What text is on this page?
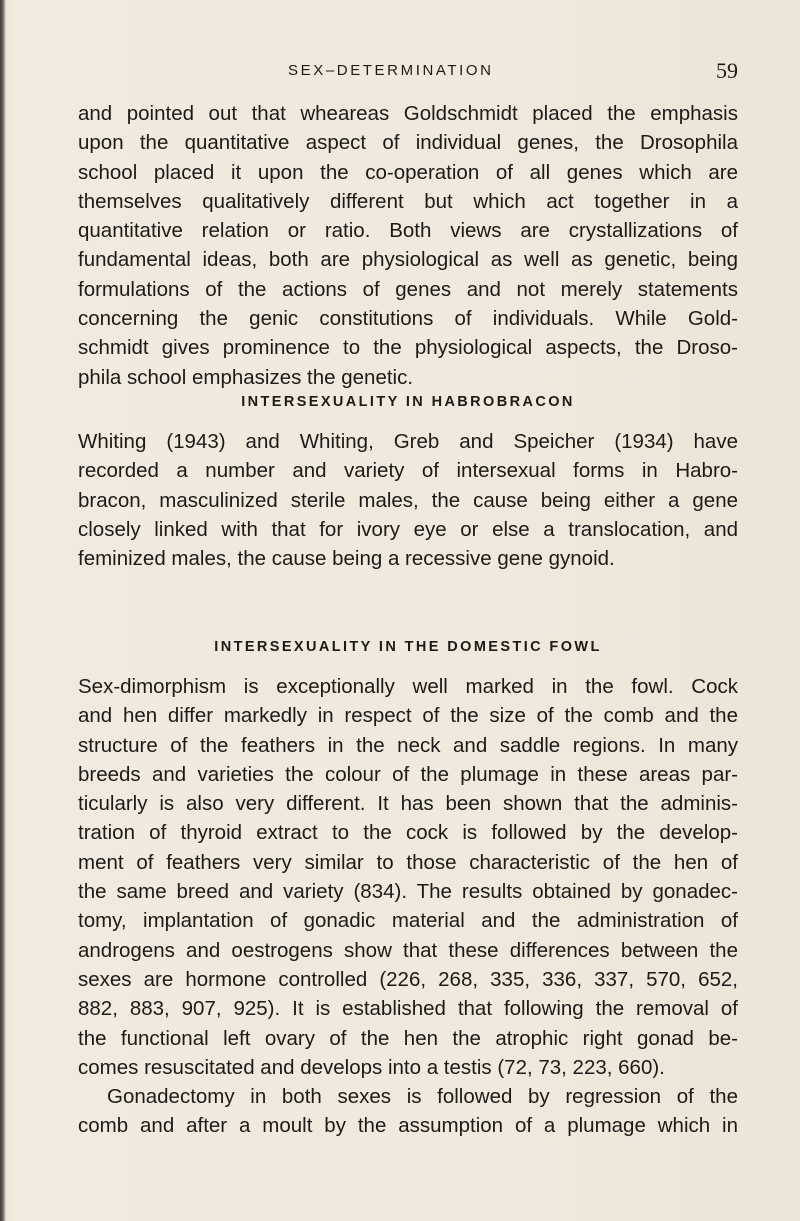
SEX–DETERMINATION	59
and pointed out that wheareas Goldschmidt placed the emphasis
upon the quantitative aspect of individual genes, the Drosophila
school placed it upon the co-operation of all genes which are
themselves qualitatively different but which act together in a
quantitative relation or ratio. Both views are crystallizations of
fundamental ideas, both are physiological as well as genetic, being
formulations of the actions of genes and not merely statements
concerning the genic constitutions of individuals. While Gold-
schmidt gives prominence to the physiological aspects, the Droso-
phila school emphasizes the genetic.
INTERSEXUALITY IN HABROBRACON
Whiting (1943) and Whiting, Greb and Speicher (1934) have
recorded a number and variety of intersexual forms in Habro-
bracon, masculinized sterile males, the cause being either a gene
closely linked with that for ivory eye or else a translocation, and
feminized males, the cause being a recessive gene gynoid.
INTERSEXUALITY IN THE DOMESTIC FOWL
Sex-dimorphism is exceptionally well marked in the fowl. Cock
and hen differ markedly in respect of the size of the comb and the
structure of the feathers in the neck and saddle regions. In many
breeds and varieties the colour of the plumage in these areas par-
ticularly is also very different. It has been shown that the adminis-
tration of thyroid extract to the cock is followed by the develop-
ment of feathers very similar to those characteristic of the hen of
the same breed and variety (834). The results obtained by gonadec-
tomy, implantation of gonadic material and the administration of
androgens and oestrogens show that these differences between the
sexes are hormone controlled (226, 268, 335, 336, 337, 570, 652,
882, 883, 907, 925). It is established that following the removal of
the functional left ovary of the hen the atrophic right gonad be-
comes resuscitated and develops into a testis (72, 73, 223, 660).
Gonadectomy in both sexes is followed by regression of the
comb and after a moult by the assumption of a plumage which in
